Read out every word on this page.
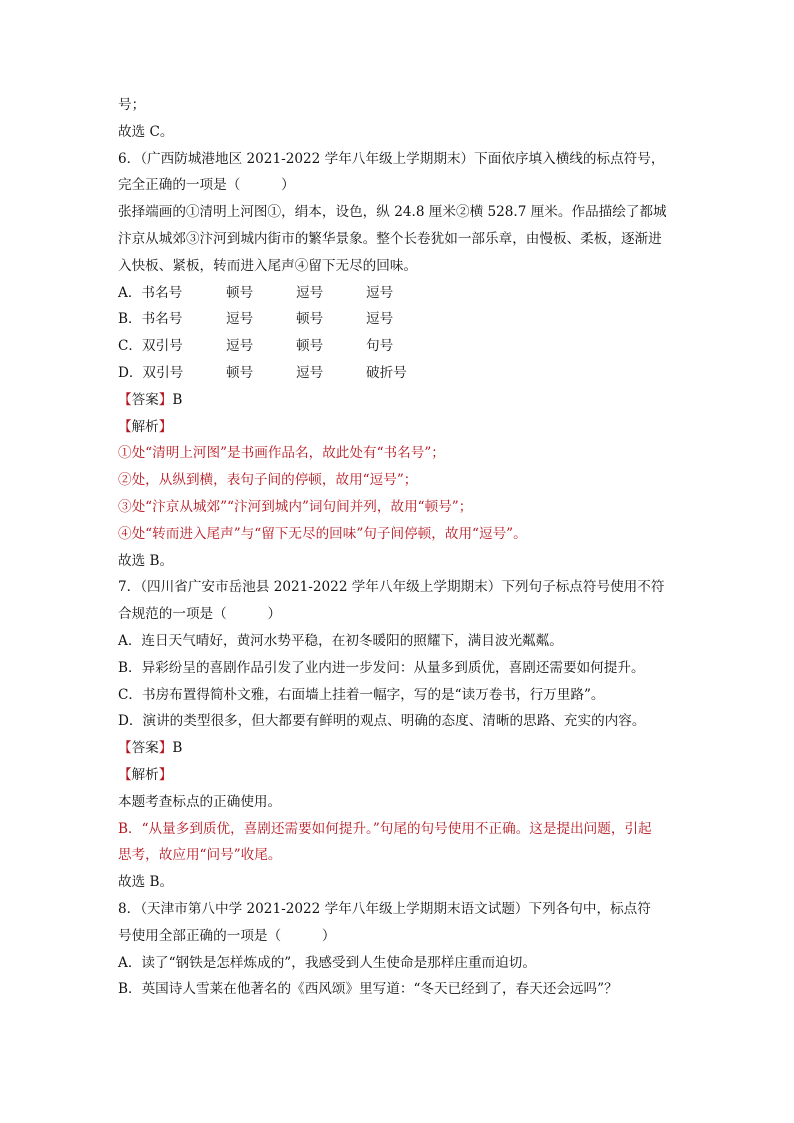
号；
故选 C。
6．（广西防城港地区 2021-2022 学年八年级上学期期末）下面依序填入横线的标点符号，
完全正确的一项是（　　　）
张择端画的①清明上河图①，绢本，设色，纵 24.8 厘米②横 528.7 厘米。作品描绘了都城
汴京从城郊③汴河到城内街市的繁华景象。整个长卷犹如一部乐章，由慢板、柔板，逐渐进
入快板、紧板，转而进入尾声④留下无尽的回味。
A．书名号	顿号	逗号	逗号
B．书名号	逗号	顿号	逗号
C．双引号	逗号	顿号	句号
D．双引号	顿号	逗号	破折号
【答案】B
【解析】
①处“清明上河图”是书画作品名，故此处有“书名号”；
②处，从纵到横，表句子间的停顿，故用“逗号”；
③处“汴京从城郊”“汴河到城内”词句间并列，故用“顿号”；
④处“转而进入尾声”与“留下无尽的回味”句子间停顿，故用“逗号”。
故选 B。
7．（四川省广安市岳池县 2021-2022 学年八年级上学期期末）下列句子标点符号使用不符
合规范的一项是（　　　）
A．连日天气晴好，黄河水势平稳，在初冬暖阳的照耀下，满目波光粼粼。
B．异彩纷呈的喜剧作品引发了业内进一步发问：从量多到质优，喜剧还需要如何提升。
C．书房布置得简朴文雅，右面墙上挂着一幅字，写的是“读万卷书，行万里路”。
D．演讲的类型很多，但大都要有鲜明的观点、明确的态度、清晰的思路、充实的内容。
【答案】B
【解析】
本题考查标点的正确使用。
B．“从量多到质优，喜剧还需要如何提升。”句尾的句号使用不正确。这是提出问题，引起
思考，故应用“问号”收尾。
故选 B。
8．（天津市第八中学 2021-2022 学年八年级上学期期末语文试题）下列各句中，标点符
号使用全部正确的一项是（　　　）
A．读了“钢铁是怎样炼成的”，我感受到人生使命是那样庄重而迫切。
B．英国诗人雪莱在他著名的《西风颂》里写道：“冬天已经到了，春天还会远吗”？
